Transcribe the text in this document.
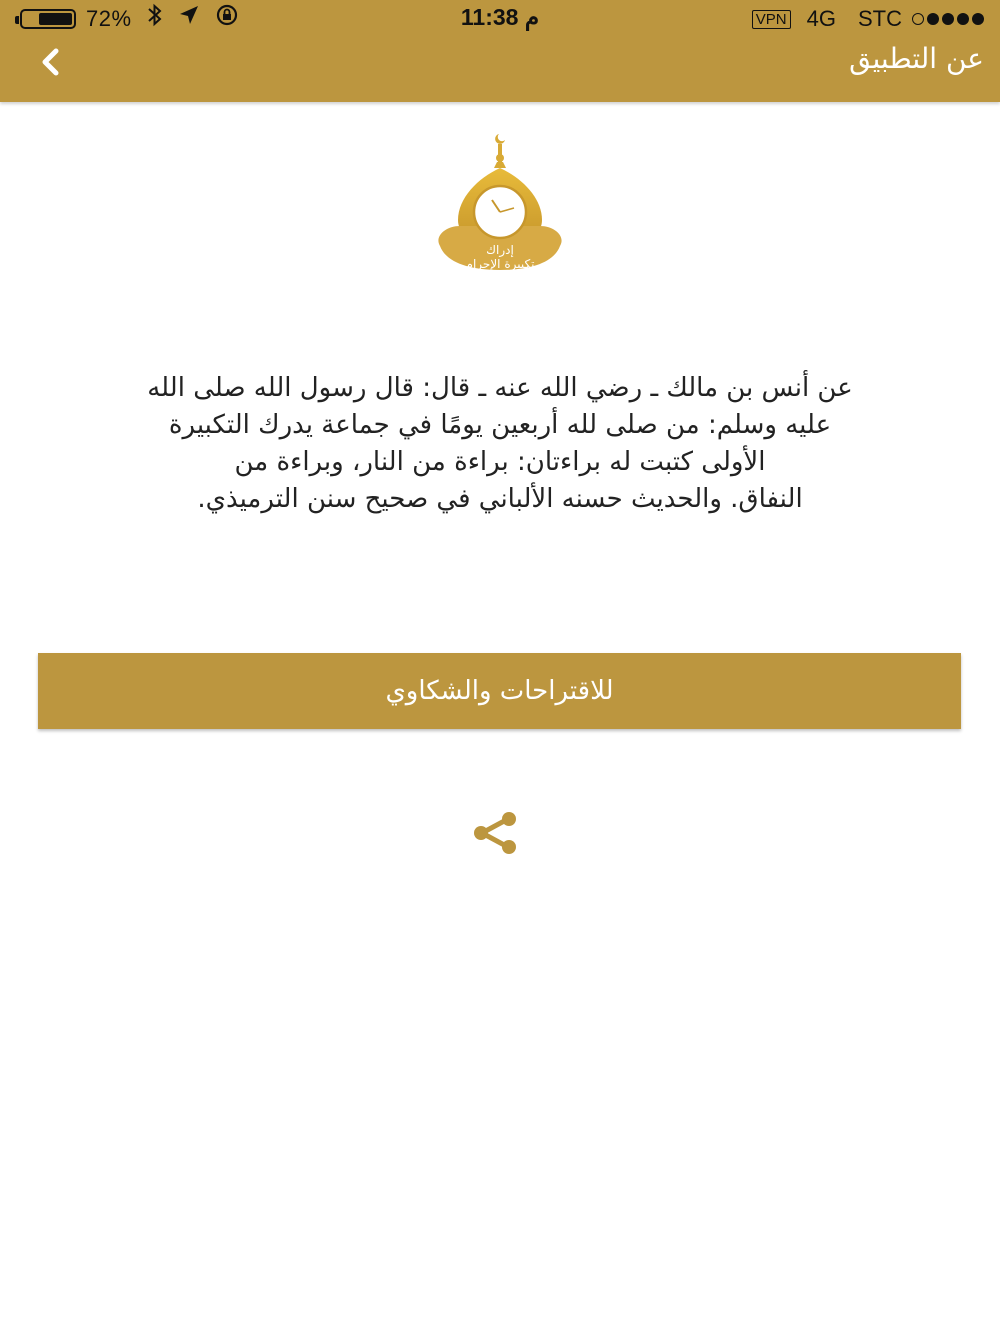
72%	11:38 م	VPN 4G STC
عن التطبيق
إدراك
تكبيرة الإحرام
عن أنس بن مالك ـ رضي الله عنه ـ قال: قال رسول الله صلى الله
عليه وسلم: من صلى لله أربعين يومًا في جماعة يدرك التكبيرة
الأولى كتبت له براءتان: براءة من النار، وبراءة من
النفاق. والحديث حسنه الألباني في صحيح سنن الترميذي.
للاقتراحات والشكاوي
